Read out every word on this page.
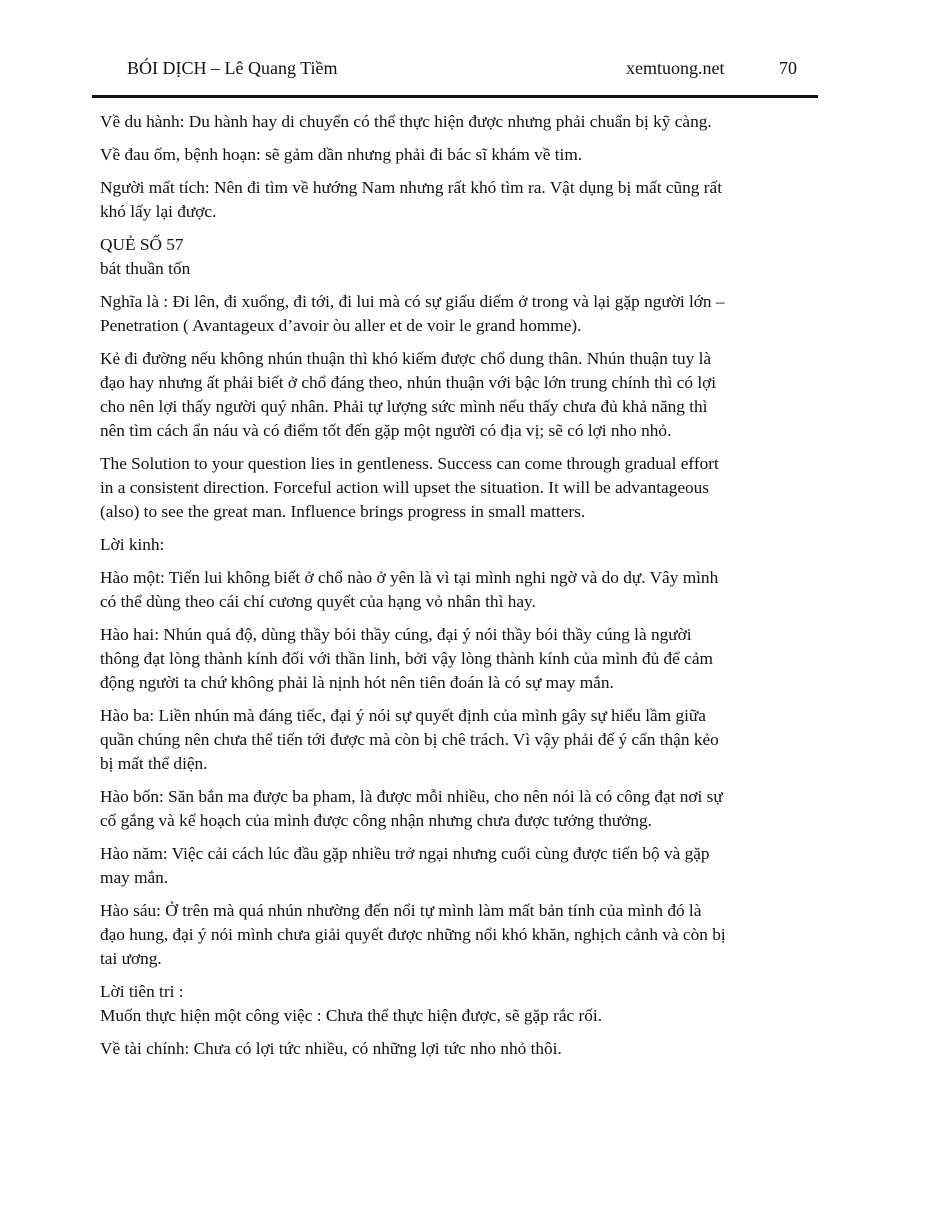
BÓI DỊCH – Lê Quang Tiềm	xemtuong.net	70

Về du hành: Du hành hay di chuyển có thể thực hiện được nhưng phải chuẩn bị kỹ càng.

Về đau ốm, bệnh hoạn: sẽ gảm dần nhưng phải đi bác sĩ khám về tim.

Người mất tích: Nên đi tìm về hướng Nam nhưng rất khó tìm ra. Vật dụng bị mất cũng rất
khó lấy lại được.

QUẺ SỐ 57
bát thuần tốn

Nghĩa là : Đi lên, đi xuống, đi tới, đi lui mà có sự giấu diếm ở trong và lại gặp người lớn –
Penetration ( Avantageux d’avoir òu aller et de voir le grand homme).

Kẻ đi đường nếu không nhún thuận thì khó kiếm được chổ dung thân. Nhún thuận tuy là
đạo hay nhưng ất phải biết ở chổ đáng theo, nhún thuận với bậc lớn trung chính thì có lợi
cho nên lợi thấy người quý nhân. Phải tự lượng sức mình nếu thấy chưa đủ khả năng thì
nên tìm cách ẩn náu và có điểm tốt đến gặp một người có địa vị; sẽ có lợi nho nhỏ.

The Solution to your question lies in gentleness. Success can come through gradual effort
in a consistent direction. Forceful action will upset the situation. It will be advantageous
(also) to see the great man. Influence brings progress in small matters.

Lời kinh:

Hào một: Tiến lui không biết ở chổ nào ở yên là vì tại mình nghi ngờ và do dự. Vây mình
có thể dùng theo cái chí cương quyết của hạng vỏ nhân thì hay.

Hào hai: Nhún quá độ, dùng thầy bói thầy cúng, đại ý nói thầy bói thầy cúng là người
thông đạt lòng thành kính đối với thần linh, bởi vậy lòng thành kính của mình đủ để cảm
động người ta chứ không phải là nịnh hót nên tiên đoán là có sự may mắn.

Hào ba: Liền nhún mà đáng tiếc, đại ý nói sự quyết định của mình gây sự hiểu lầm giữa
quần chúng nên chưa thể tiến tới được mà còn bị chê trách. Vì vậy phải để ý cẩn thận kẻo
bị mất thể diện.

Hào bốn: Săn bắn ma được ba pham, là được mỗi nhiều, cho nên nói là có công đạt nơi sự
cố gắng và kế hoạch của mình được công nhận nhưng chưa được tưởng thưởng.

Hào năm: Việc cải cách lúc đầu gặp nhiều trở ngại nhưng cuối cùng được tiến bộ và gặp
may mắn.

Hào sáu: Ở trên mà quá nhún nhường đến nổi tự mình làm mất bản tính của mình đó là
đạo hung, đại ý nói mình chưa giải quyết được những nổi khó khăn, nghịch cảnh và còn bị
tai ương.

Lời tiên tri :
Muốn thực hiện một công việc : Chưa thể thực hiện được, sẽ gặp rắc rối.

Về tài chính: Chưa có lợi tức nhiều, có những lợi tức nho nhỏ thôi.
